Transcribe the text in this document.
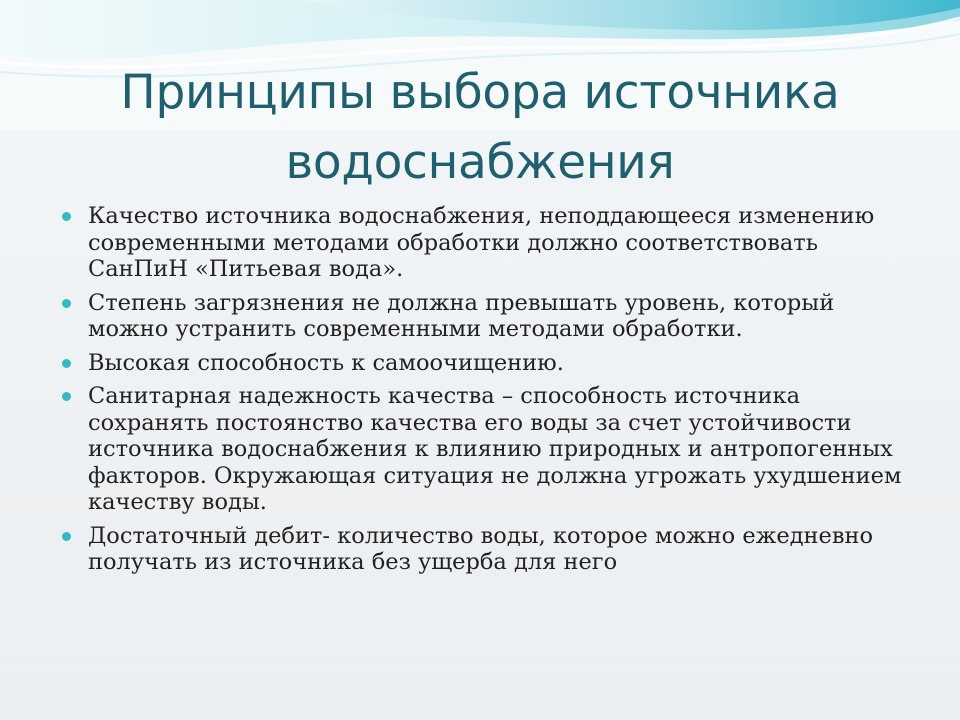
Принципы выбора источника водоснабжения
Качество источника водоснабжения, неподдающееся изменению современными методами обработки должно соответствовать СанПиН «Питьевая вода».
Степень загрязнения не должна превышать уровень, который можно устранить современными методами обработки.
Высокая способность к самоочищению.
Санитарная надежность качества – способность источника сохранять постоянство качества его воды за счет устойчивости источника водоснабжения к влиянию природных и антропогенных факторов. Окружающая ситуация не должна угрожать ухудшением качеству воды.
Достаточный дебит- количество воды, которое можно ежедневно получать из источника без ущерба для него
